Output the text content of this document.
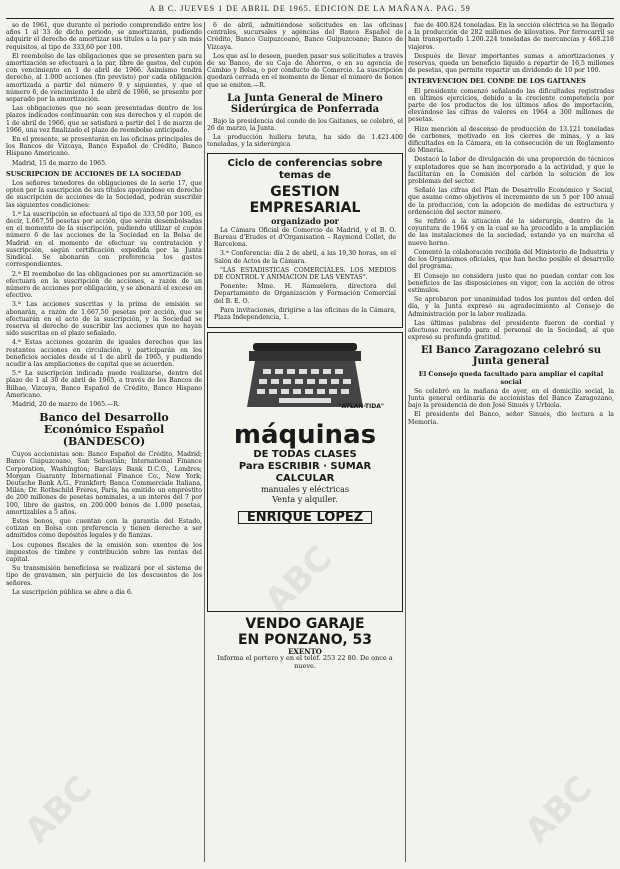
A B C. JUEVES 1 DE ABRIL DE 1965. EDICION DE LA MAÑANA. PAG. 59

so de 1961, que durante el periodo comprendido entre los años 1 al 33 de dicho periodo, se amortizarán, pudiendo adquirir el derecho de amortizar sus títulos a la par y sin más requisitos, al tipo de 333,60 por 100.

El reembolso de las obligaciones que se presenten para su amortización se efectuará a la par, libre de gastos, del cupón con vencimiento en 1 de abril de 1966. Asimismo tendrá derecho, al 1.000 acciones (fin previsto) por cada obligación amortizada a partir del número 9 y siguientes, y que el número 6, de vencimiento 1 de abril de 1966, se presente por separado por la amortización.

Las obligaciones que no sean presentadas dentro de los plazos indicados continuarán con sus derechos y el cupón de 1 de abril de 1966, que se satisfará a partir del 1 de marzo de 1966, una vez finalizado el plazo de reembolso anticipado.

En el presente, se presentarán en las oficinas principales de los Bancos de Vizcaya, Banco Español de Crédito, Banco Hispano Americano.

Madrid, 15 de marzo de 1965.

SUSCRIPCION DE ACCIONES DE LA SOCIEDAD

Los señores tenedores de obligaciones de la serie 17, que opten por la suscripción de sus títulos apoyándose en derecho de suscripción de acciones de la Sociedad, podrán suscribir las siguientes condiciones:

1.ª La suscripción se efectuará al tipo de 333,50 por 100, es decir, 1.667,50 pesetas por acción, que serán desembolsadas en el momento de la suscripción, pudiendo utilizar el cupón número 6 de las acciones de la Sociedad en la Bolsa de Madrid en el momento de efectuar su contratación y suscripción, según certificación expedida por la Junta Sindical. Se abonarán con preferencia los gastos correspondientes.

2.ª El reembolso de las obligaciones por su amortización se efectuará en la suscripción de acciones, a razón de un número de acciones por obligación, y se abonará el exceso en efectivo.

3.ª Las acciones suscritas y la prima de emisión se abonarán, a razón de 1.667,50 pesetas por acción, que se efectuarán en el acto de la suscripción, y la Sociedad se reserva el derecho de suscribir las acciones que no hayan sido suscritas en el plazo señalado.

4.ª Estas acciones gozarán de iguales derechos que las restantes acciones en circulación, y participarán en los beneficios sociales desde el 1 de abril de 1965, y pudiendo acudir a las ampliaciones de capital que se acuerden.

5.ª La suscripción indicada puede realizarse, dentro del plazo de 1 al 30 de abril de 1965, a través de los Bancos de Bilbao, Vizcaya, Banco Español de Crédito, Banco Hispano Americano.

Madrid, 20 de marzo de 1965.—R.

Banco del Desarrollo Económico Español (BANDESCO)

Cuyos accionistas son: Banco Español de Crédito, Madrid; Banco Guipuzcoano, San Sebastián; International Finance Corporation, Washington; Barclays Bank D.C.O., Londres; Morgan Guaranty International Finance Co., New York; Deutsche Bank A.G., Frankfort; Banca Commerciale Italiana, Milán; Dr. Rothschild Frères, París, ha emitido un empréstito de 200 millones de pesetas nominales, a un interés del 7 por 100, libre de gastos, en 200.000 bonos de 1.000 pesetas, amortizables a 5 años.

Estos bonos, que cuentan con la garantía del Estado, cotizan en Bolsa con preferencia y tienen derecho a ser admitidos como depósitos legales y de fianzas.

Los cupones fiscales de la emisión son: exentos de los impuestos de timbre y contribución sobre las rentas del capital.

Su transmisión beneficiosa se realizará por el sistema de tipo de gravamen, sin perjuicio de los descuentos de los señores.

La suscripción pública se abre a día 6.

6 de abril, admitiéndose solicitudes en las oficinas centrales, sucursales y agencias del Banco Español de Crédito, Banco Guipuzcoano, Banco Guipuzcoano; Banco de Vizcaya.

Los que así lo deseen, pueden pasar sus solicitudes a través de su Banco, de su Caja de Ahorros, o en su agencia de Cambio y Bolsa, o por conducto de Comercio. La suscripción quedará cerrada en el momento de llenar el número de bonos que se emiten.—R.

La Junta General de Minero Siderúrgica de Ponferrada

Bajo la presidencia del conde de los Gaitanes, se celebró, el 26 de marzo, la Junta.

La producción hullera bruta, ha sido de 1.421.400 toneladas, y la siderúrgica

Ciclo de conferencias sobre temas de
GESTION EMPRESARIAL
organizado por

La Cámara Oficial de Comercio de Madrid, y el B. O. Bureau d'Etudes et d'Organisation – Raymond Collet, de Barcelona.

3.ª Conferencia: día 2 de abril, a las 19,30 horas, en el Salón de Actos de la Cámara.

"LAS ESTADISTICAS COMERCIALES. LOS MEDIOS DE CONTROL Y ANIMACION DE LAS VENTAS".

Ponente: Mme. H. Ramuelera, directora del Departamento de Organización y Formación Comercial del B. E. O.

Para invitaciones, dirigirse a las oficinas de la Cámara, Plaza Independencia, 1.

"ATLAN-TIDA"
máquinas
DE TODAS CLASES
Para ESCRIBIR · SUMAR
CALCULAR
manuales y eléctricas
Venta y alquiler.
ENRIQUE LOPEZ
VENDO GARAJE
EN PONZANO, 53
EXENTO
Informa el portero y en el teléf. 253 22 80. De once a nueve.

fue de 400.824 toneladas. En la sección eléctrica se ha llegado a la producción de 282 millones de kilovatios. Por ferrocarril se han transportado 1.200.224 toneladas de mercancías y 468.218 viajeros.

Después de llevar importantes sumas a amortizaciones y reservas, queda un beneficio líquido a repartir de 16,5 millones de pesetas, que permite repartir un dividendo de 10 por 100.

INTERVENCION DEL CONDE DE LOS GAITANES

El presidente comenzó señalando las dificultades registradas en últimos ejercicios, debido a la creciente competencia por parte de los productos de los últimos años de importación, elevándose las cifras de valores en 1964 a 300 millones de pesetas.

Hizo mención al descenso de producción de 13.121 toneladas de carbones, motivado en los cierres de minas, y a las dificultades en la Cámara, en la consecución de un Reglamento de Minería.

Destacó la labor de divulgación de una proporción de técnicos y explotadores que se han incorporado a la actividad, y que le facilitarán en la Comisión del carbón la solución de los problemas del sector.

Señaló las cifras del Plan de Desarrollo Económico y Social, que asume como objetivos el incremento de un 5 por 100 anual de la producción, con la adopción de medidas de estructura y ordenación del sector minero.

Se refirió a la situación de la siderurgia, dentro de la coyuntura de 1964 y en la cual se ha procedido a la ampliación de las instalaciones de la sociedad, estando ya en marcha el nuevo horno.

Comentó la colaboración recibida del Ministerio de Industria y de los Organismos oficiales, que han hecho posible el desarrollo del programa.

El Consejo no considera justo que no puedan contar con los beneficios de las disposiciones en vigor, con la acción de otros estímulos.

Se aprobaron por unanimidad todos los puntos del orden del día, y la Junta expresó su agradecimiento al Consejo de Administración por la labor realizada.

Las últimas palabras del presidente fueron de cordial y afectuoso recuerdo para el personal de la Sociedad, al que expresó su profunda gratitud.

El Banco Zaragozano celebró su Junta general
El Consejo queda facultado para ampliar el capital social

Se celebró en la mañana de ayer, en el domicilio social, la Junta general ordinaria de accionistas del Banco Zaragozano, bajo la presidencia de don José Sinués y Urbiola.

El presidente del Banco, señor Sinués, dio lectura a la Memoria.

ABC
ABC
ABC
